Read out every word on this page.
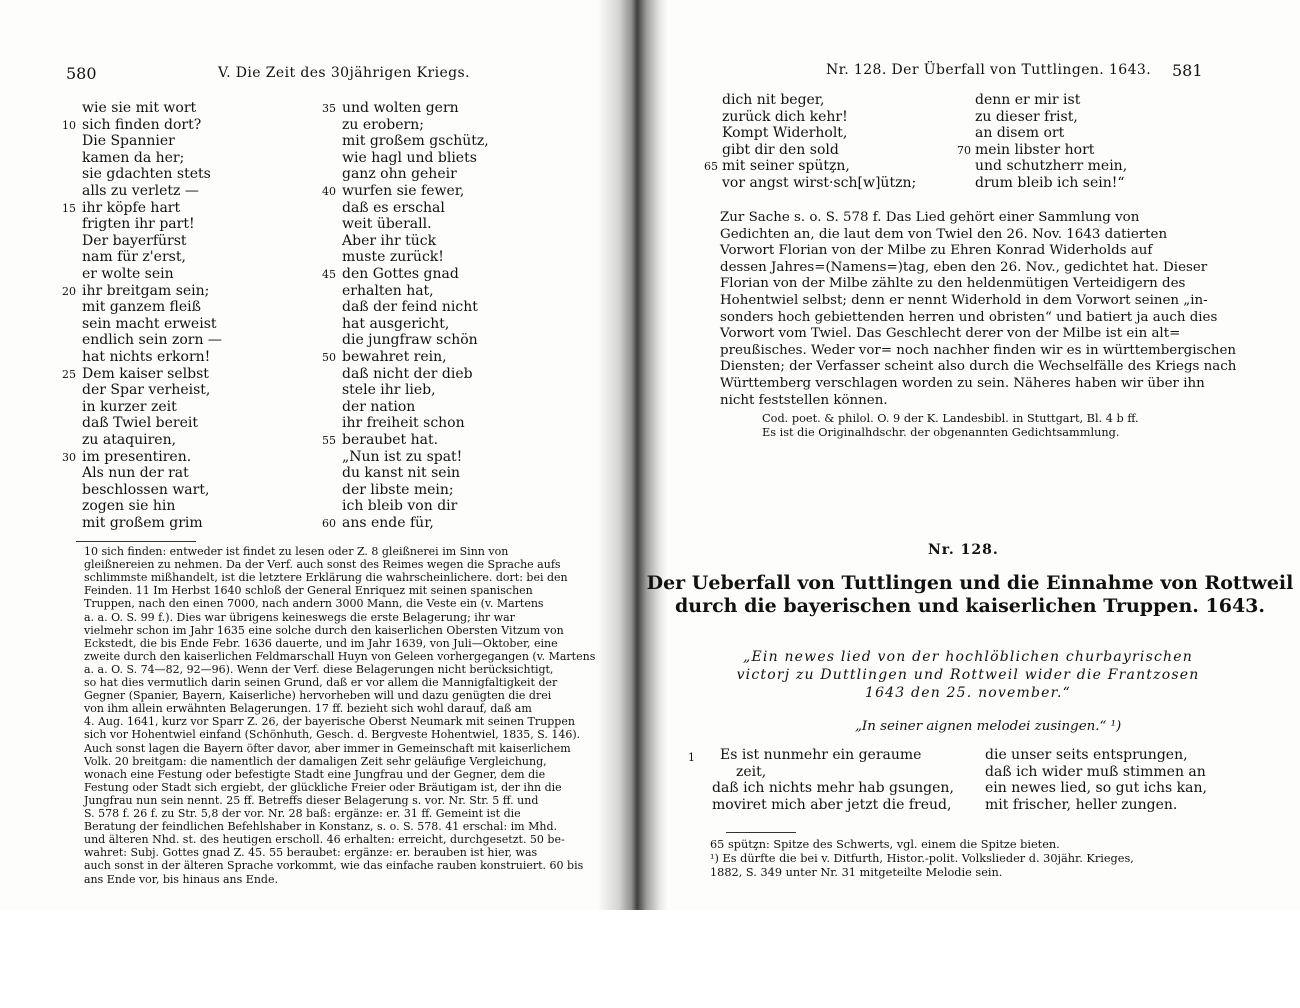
580	V. Die Zeit des 30jährigen Kriegs.
wie sie mit wort
sich finden dort?
Die Spannier
kamen da her;
sie gdachten stets
alls zu verletz —
ihr köpfe hart
frigten ihr part!
Der bayerfürst
nam für z'erst,
er wolte sein
ihr breitgam sein;
mit ganzem fleiß
sein macht erweist
endlich sein zorn —
hat nichts erkorn!
Dem kaiser selbst
der Spar verheist,
in kurzer zeit
daß Twiel bereit
zu ataquiren,
im presentiren.
Als nun der rat
beschlossen wart,
zogen sie hin
mit großem grim
10
15
20
25
30
und wolten gern
zu erobern;
mit großem gschütz,
wie hagl und bliets
ganz ohn geheir
wurfen sie fewer,
daß es erschal
weit überall.
Aber ihr tück
muste zurück!
den Gottes gnad
erhalten hat,
daß der feind nicht
hat ausgericht,
die jungfraw schön
bewahret rein,
daß nicht der dieb
stele ihr lieb,
der nation
ihr freiheit schon
beraubet hat.
„Nun ist zu spat!
du kanst nit sein
der libste mein;
ich bleib von dir
ans ende für,
35
40
45
50
55
60
10 sich finden: entweder ist findet zu lesen oder Z. 8 gleißnerei im Sinn von
gleißnereien zu nehmen. Da der Verf. auch sonst des Reimes wegen die Sprache aufs
schlimmste mißhandelt, ist die letztere Erklärung die wahrscheinlichere. dort: bei den
Feinden. 11 Im Herbst 1640 schloß der General Enriquez mit seinen spanischen
Truppen, nach den einen 7000, nach andern 3000 Mann, die Veste ein (v. Martens
a. a. O. S. 99 f.). Dies war übrigens keineswegs die erste Belagerung; ihr war
vielmehr schon im Jahr 1635 eine solche durch den kaiserlichen Obersten Vitzum von
Eckstedt, die bis Ende Febr. 1636 dauerte, und im Jahr 1639, von Juli—Oktober, eine
zweite durch den kaiserlichen Feldmarschall Huyn von Geleen vorhergegangen (v. Martens
a. a. O. S. 74—82, 92—96). Wenn der Verf. diese Belagerungen nicht berücksichtigt,
so hat dies vermutlich darin seinen Grund, daß er vor allem die Mannigfaltigkeit der
Gegner (Spanier, Bayern, Kaiserliche) hervorheben will und dazu genügten die drei
von ihm allein erwähnten Belagerungen. 17 ff. bezieht sich wohl darauf, daß am
4. Aug. 1641, kurz vor Sparr Z. 26, der bayerische Oberst Neumark mit seinen Truppen
sich vor Hohentwiel einfand (Schönhuth, Gesch. d. Bergveste Hohentwiel, 1835, S. 146).
Auch sonst lagen die Bayern öfter davor, aber immer in Gemeinschaft mit kaiserlichem
Volk. 20 breitgam: die namentlich der damaligen Zeit sehr geläufige Vergleichung,
wonach eine Festung oder befestigte Stadt eine Jungfrau und der Gegner, dem die
Festung oder Stadt sich ergiebt, der glückliche Freier oder Bräutigam ist, der ihn die
Jungfrau nun sein nennt. 25 ff. Betreffs dieser Belagerung s. vor. Nr. Str. 5 ff. und
S. 578 f. 26 f. zu Str. 5,8 der vor. Nr. 28 baß: ergänze: er. 31 ff. Gemeint ist die
Beratung der feindlichen Befehlshaber in Konstanz, s. o. S. 578. 41 erschal: im Mhd.
und älteren Nhd. st. des heutigen erscholl. 46 erhalten: erreicht, durchgesetzt. 50 be-
wahret: Subj. Gottes gnad Z. 45. 55 beraubet: ergänze: er. berauben ist hier, was
auch sonst in der älteren Sprache vorkommt, wie das einfache rauben konstruiert. 60 bis
ans Ende vor, bis hinaus ans Ende.
Nr. 128. Der Überfall von Tuttlingen. 1643. 581
dich nit beger,
zurück dich kehr!
Kompt Widerholt,
gibt dir den sold
mit seiner spütz̧n,
vor angst wirst·sch[w]ützn;
65
denn er mir ist
zu dieser frist,
an disem ort
mein libster hort
und schutzherr mein,
drum bleib ich sein!“
70
Zur Sache s. o. S. 578 f. Das Lied gehört einer Sammlung von
Gedichten an, die laut dem von Twiel den 26. Nov. 1643 datierten
Vorwort Florian von der Milbe zu Ehren Konrad Widerholds auf
dessen Jahres=(Namens=)tag, eben den 26. Nov., gedichtet hat. Dieser
Florian von der Milbe zählte zu den heldenmütigen Verteidigern des
Hohentwiel selbst; denn er nennt Widerhold in dem Vorwort seinen „in-
sonders hoch gebiettenden herren und obristen“ und batiert ja auch dies
Vorwort vom Twiel. Das Geschlecht derer von der Milbe ist ein alt=
preußisches. Weder vor= noch nachher finden wir es in württembergischen
Diensten; der Verfasser scheint also durch die Wechselfälle des Kriegs nach
Württemberg verschlagen worden zu sein. Näheres haben wir über ihn
nicht feststellen können.
Cod. poet. & philol. O. 9 der K. Landesbibl. in Stuttgart, Bl. 4 b ff.
Es ist die Originalhdschr. der obgenannten Gedichtsammlung.
Nr. 128.
Der Ueberfall von Tuttlingen und die Einnahme von Rottweil
durch die bayerischen und kaiserlichen Truppen. 1643.
„Ein newes lied von der hochlöblichen churbayrischen
victorj zu Duttlingen und Rottweil wider die Frantzosen
1643 den 25. november.“
„In seiner aignen melodei zusingen.“ ¹)
1 Es ist nunmehr ein geraume
zeit,
daß ich nichts mehr hab gsungen,
moviret mich aber jetzt die freud,
die unser seits entsprungen,
daß ich wider muß stimmen an
ein newes lied, so gut ichs kan,
mit frischer, heller zungen.
65 spütz̧n: Spitze des Schwerts, vgl. einem die Spitze bieten.
¹) Es dürfte die bei v. Ditfurth, Histor.-polit. Volkslieder d. 30jähr. Krieges,
1882, S. 349 unter Nr. 31 mitgeteilte Melodie sein.
